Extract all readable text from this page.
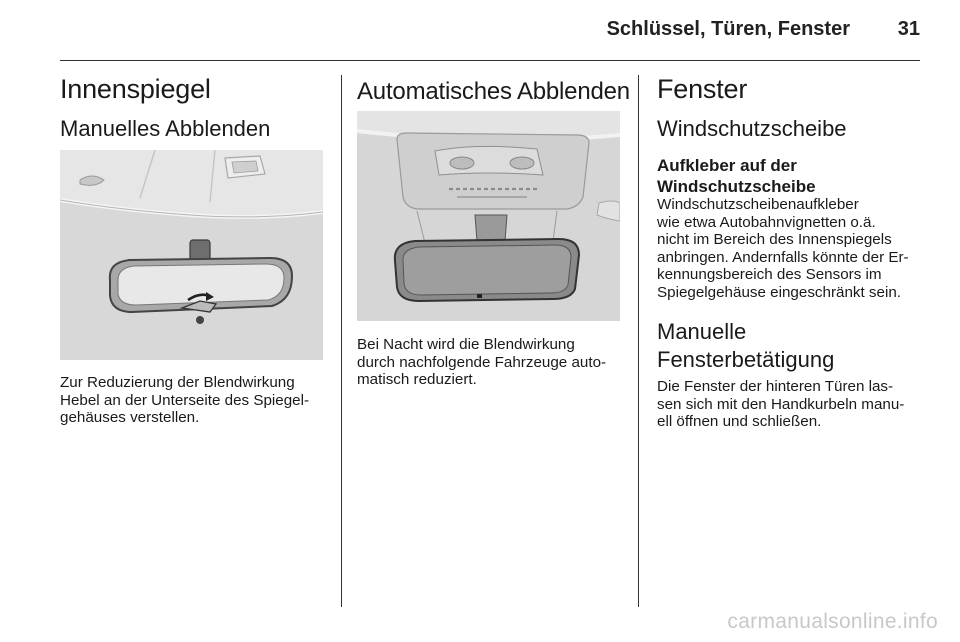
Schlüssel, Türen, Fenster	31
Innenspiegel
Manuelles Abblenden
Zur Reduzierung der Blendwirkung
Hebel an der Unterseite des Spiegel-
gehäuses verstellen.
Automatisches Abblenden
Bei Nacht wird die Blendwirkung
durch nachfolgende Fahrzeuge auto-
matisch reduziert.
Fenster
Windschutzscheibe
Aufkleber auf der
Windschutzscheibe
Windschutzscheibenaufkleber
wie etwa Autobahnvignetten o.ä.
nicht im Bereich des Innenspiegels
anbringen. Andernfalls könnte der Er-
kennungsbereich des Sensors im
Spiegelgehäuse eingeschränkt sein.
Manuelle
Fensterbetätigung
Die Fenster der hinteren Türen las-
sen sich mit den Handkurbeln manu-
ell öffnen und schließen.
carmanualsonline.info
